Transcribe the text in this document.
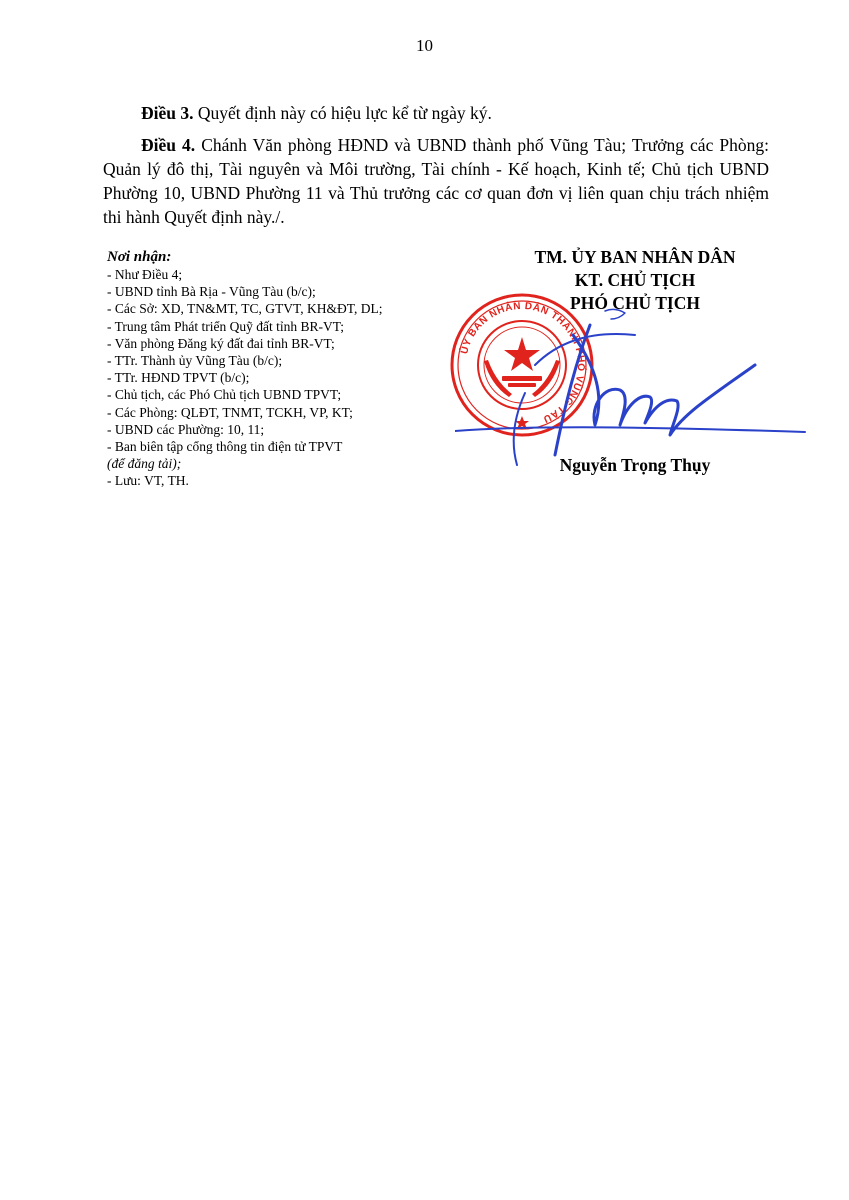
10

Điều 3. Quyết định này có hiệu lực kể từ ngày ký.

Điều 4. Chánh Văn phòng HĐND và UBND thành phố Vũng Tàu; Trưởng các Phòng: Quản lý đô thị, Tài nguyên và Môi trường, Tài chính - Kế hoạch, Kinh tế; Chủ tịch UBND Phường 10, UBND Phường 11 và Thủ trưởng các cơ quan đơn vị liên quan chịu trách nhiệm thi hành Quyết định này./.

Nơi nhận:
- Như Điều 4;
- UBND tỉnh Bà Rịa - Vũng Tàu (b/c);
- Các Sở: XD, TN&MT, TC, GTVT, KH&ĐT, DL;
- Trung tâm Phát triển Quỹ đất tỉnh BR-VT;
- Văn phòng Đăng ký đất đai tỉnh BR-VT;
- TTr. Thành ủy Vũng Tàu (b/c);
- TTr. HĐND TPVT (b/c);
- Chủ tịch, các Phó Chủ tịch UBND TPVT;
- Các Phòng: QLĐT, TNMT, TCKH, VP, KT;
- UBND các Phường: 10, 11;
- Ban biên tập cổng thông tin điện tử TPVT
(để đăng tải);
- Lưu: VT, TH.
TM. ỦY BAN NHÂN DÂN
KT. CHỦ TỊCH
PHÓ CHỦ TỊCH
ỦY BAN NHÂN DÂN THÀNH PHỐ VŨNG TÀU
Nguyễn Trọng Thụy
